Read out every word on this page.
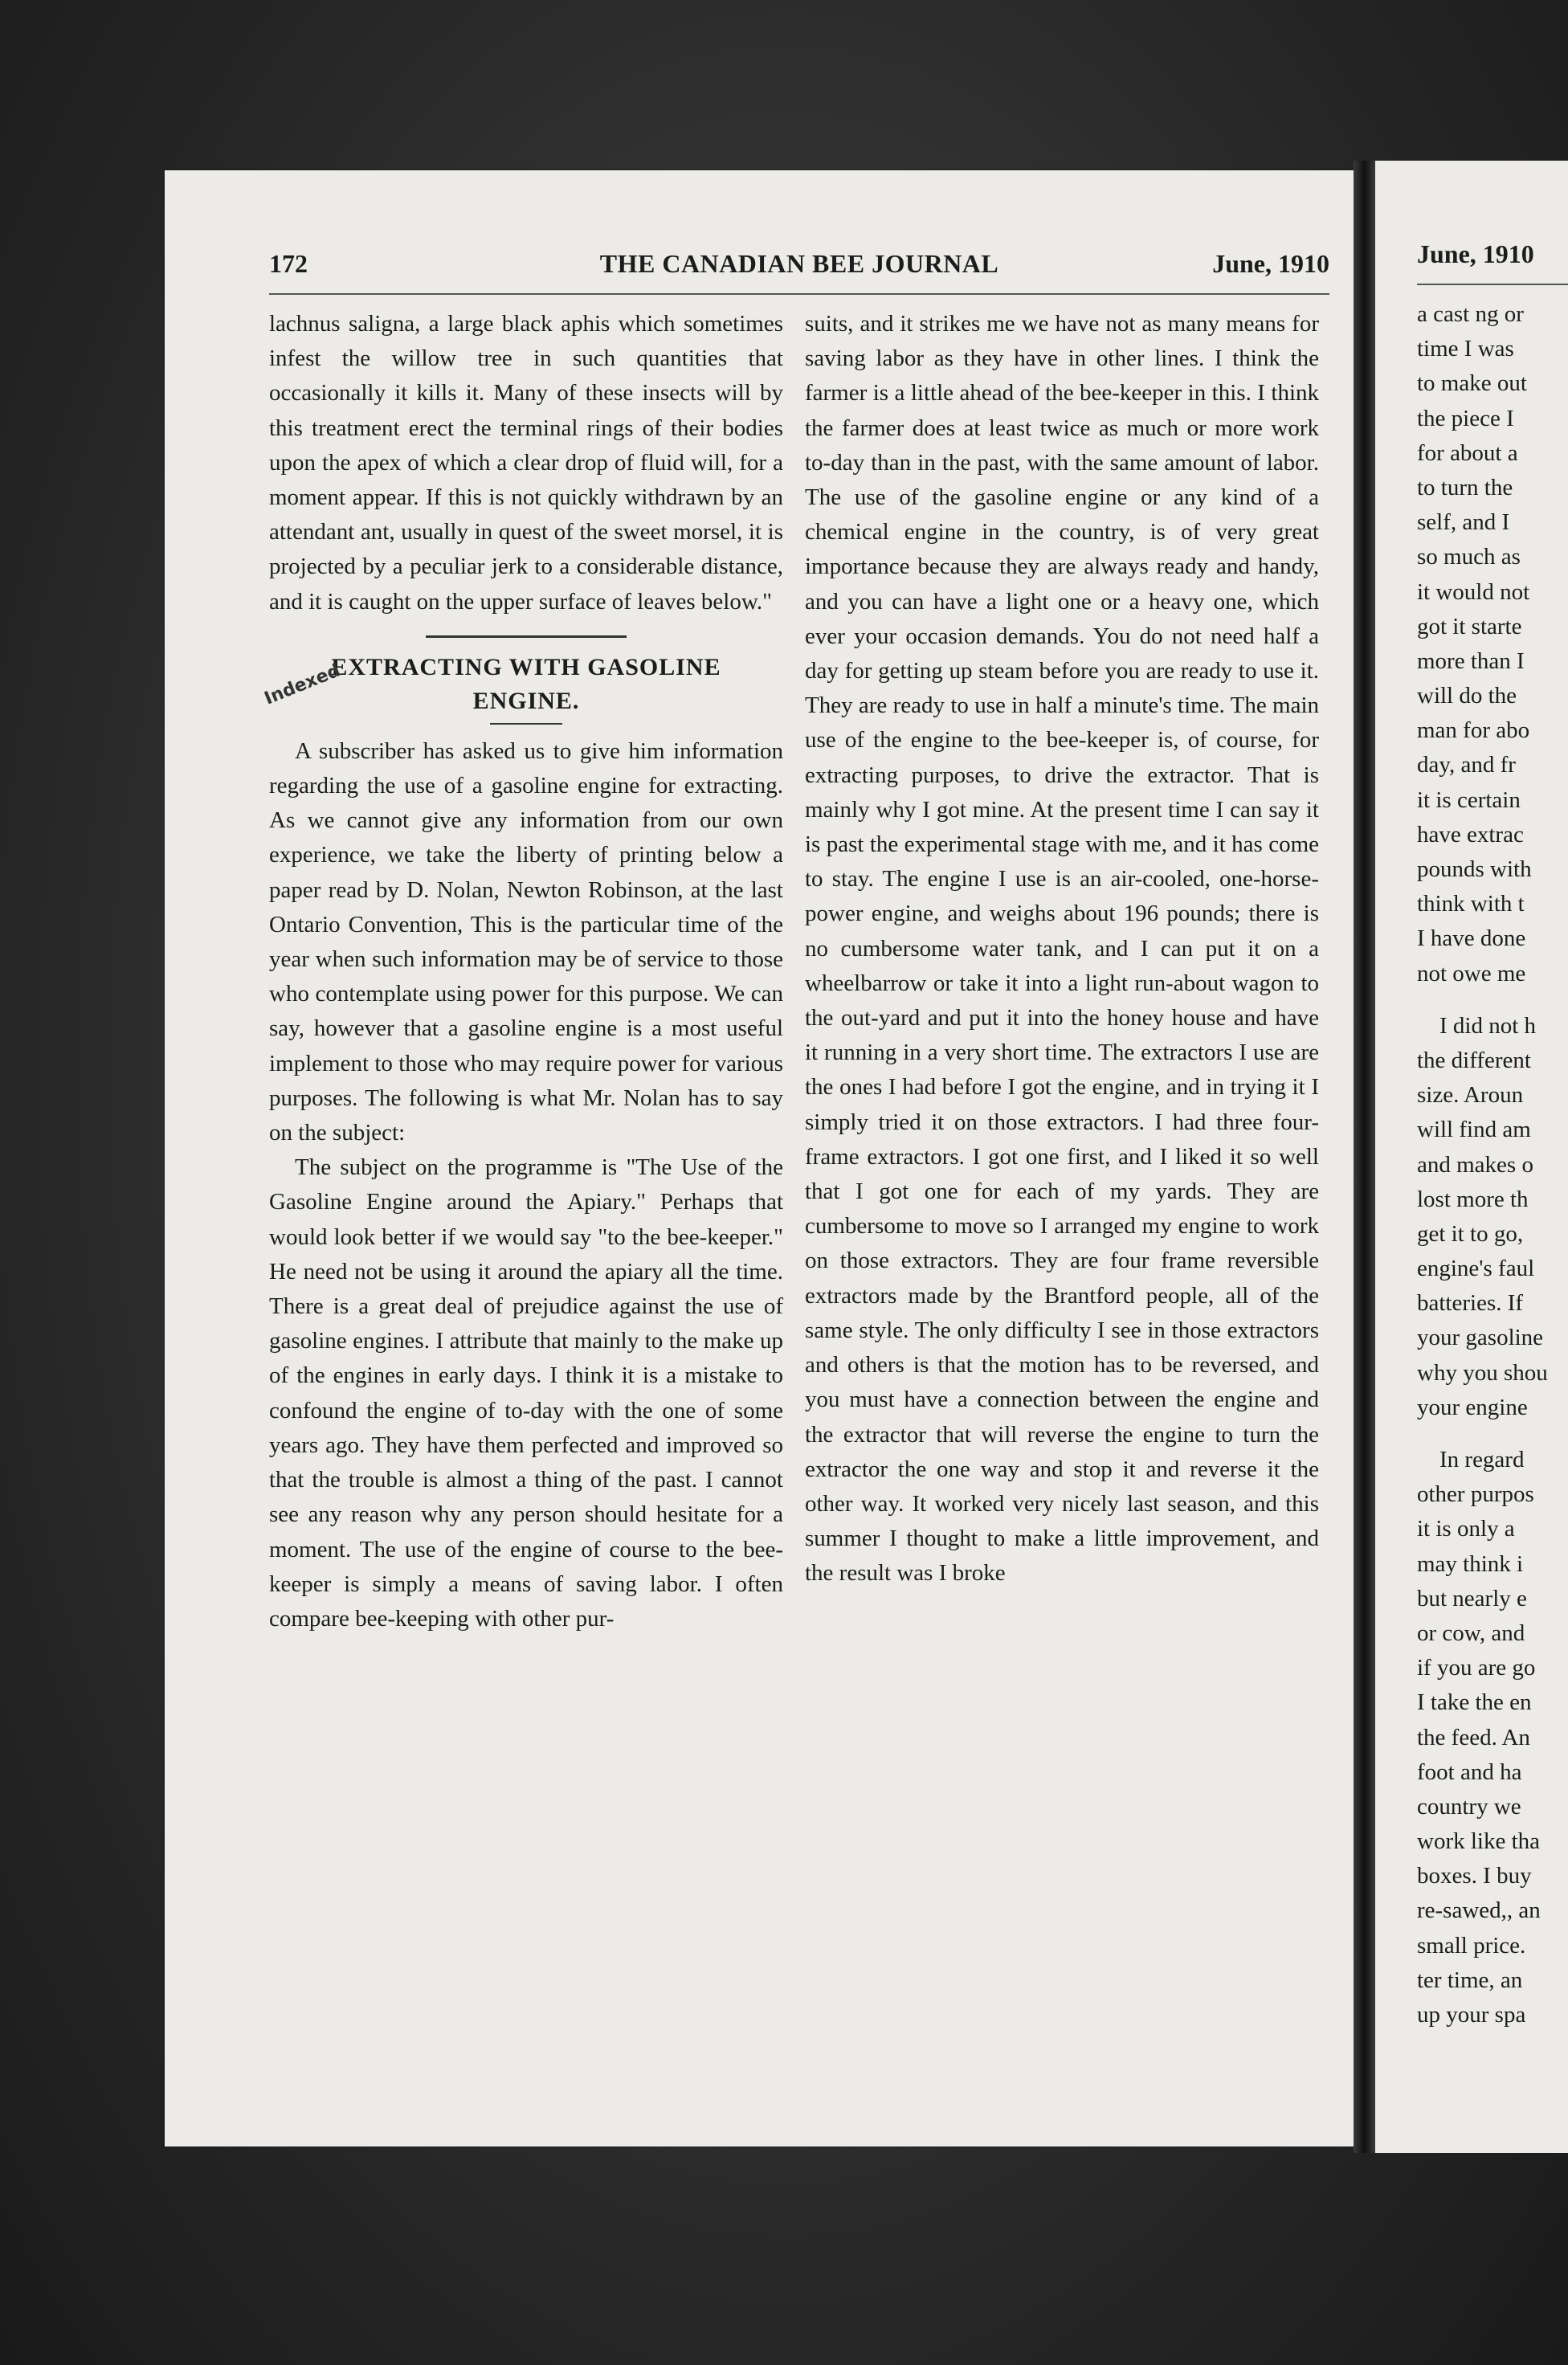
172	THE CANADIAN BEE JOURNAL	June, 1910

lachnus saligna, a large black aphis which sometimes infest the willow tree in such quantities that occasionally it kills it. Many of these insects will by this treatment erect the terminal rings of their bodies upon the apex of which a clear drop of fluid will, for a moment appear. If this is not quickly withdrawn by an attendant ant, usually in quest of the sweet morsel, it is projected by a peculiar jerk to a considerable distance, and it is caught on the upper surface of leaves below."

Indexed
EXTRACTING WITH GASOLINE
ENGINE.

A subscriber has asked us to give him information regarding the use of a gasoline engine for extracting. As we cannot give any information from our own experience, we take the liberty of printing below a paper read by D. Nolan, Newton Robinson, at the last Ontario Convention, This is the particular time of the year when such information may be of service to those who contemplate using power for this purpose. We can say, however that a gasoline engine is a most useful implement to those who may require power for various purposes. The following is what Mr. Nolan has to say on the subject:

The subject on the programme is "The Use of the Gasoline Engine around the Apiary." Perhaps that would look better if we would say "to the bee-keeper." He need not be using it around the apiary all the time. There is a great deal of prejudice against the use of gasoline engines. I attribute that mainly to the make up of the engines in early days. I think it is a mistake to confound the engine of to-day with the one of some years ago. They have them perfected and improved so that the trouble is almost a thing of the past. I cannot see any reason why any person should hesitate for a moment. The use of the engine of course to the bee-keeper is simply a means of saving labor. I often compare bee-keeping with other pur-

suits, and it strikes me we have not as many means for saving labor as they have in other lines. I think the farmer is a little ahead of the bee-keeper in this. I think the farmer does at least twice as much or more work to-day than in the past, with the same amount of labor. The use of the gasoline engine or any kind of a chemical engine in the country, is of very great importance because they are always ready and handy, and you can have a light one or a heavy one, which ever your occasion demands. You do not need half a day for getting up steam before you are ready to use it. They are ready to use in half a minute's time. The main use of the engine to the bee-keeper is, of course, for extracting purposes, to drive the extractor. That is mainly why I got mine. At the present time I can say it is past the experimental stage with me, and it has come to stay. The engine I use is an air-cooled, one-horse-power engine, and weighs about 196 pounds; there is no cumbersome water tank, and I can put it on a wheelbarrow or take it into a light run-about wagon to the out-yard and put it into the honey house and have it running in a very short time. The extractors I use are the ones I had before I got the engine, and in trying it I simply tried it on those extractors. I had three four-frame extractors. I got one first, and I liked it so well that I got one for each of my yards. They are cumbersome to move so I arranged my engine to work on those extractors. They are four frame reversible extractors made by the Brantford people, all of the same style. The only difficulty I see in those extractors and others is that the motion has to be reversed, and you must have a connection between the engine and the extractor that will reverse the engine to turn the extractor the one way and stop it and reverse it the other way. It worked very nicely last season, and this summer I thought to make a little improvement, and the result was I broke

June, 1910
a cast ng or
time I was
to make out
the piece I
for about a
to turn the
self, and I
so much as
it would not
got it starte
more than I
will do the
man for abo
day, and fr
it is certain
have extrac
pounds with
think with t
I have done
not owe me
I did not h
the different
size. Aroun
will find am
and makes o
lost more th
get it to go,
engine's faul
batteries. If
your gasoline
why you shou
your engine
In regard
other purpos
it is only a
may think i
but nearly e
or cow, and
if you are go
I take the en
the feed. An
foot and ha
country we
work like tha
boxes. I buy
re-sawed,, an
small price.
ter time, an
up your spa
